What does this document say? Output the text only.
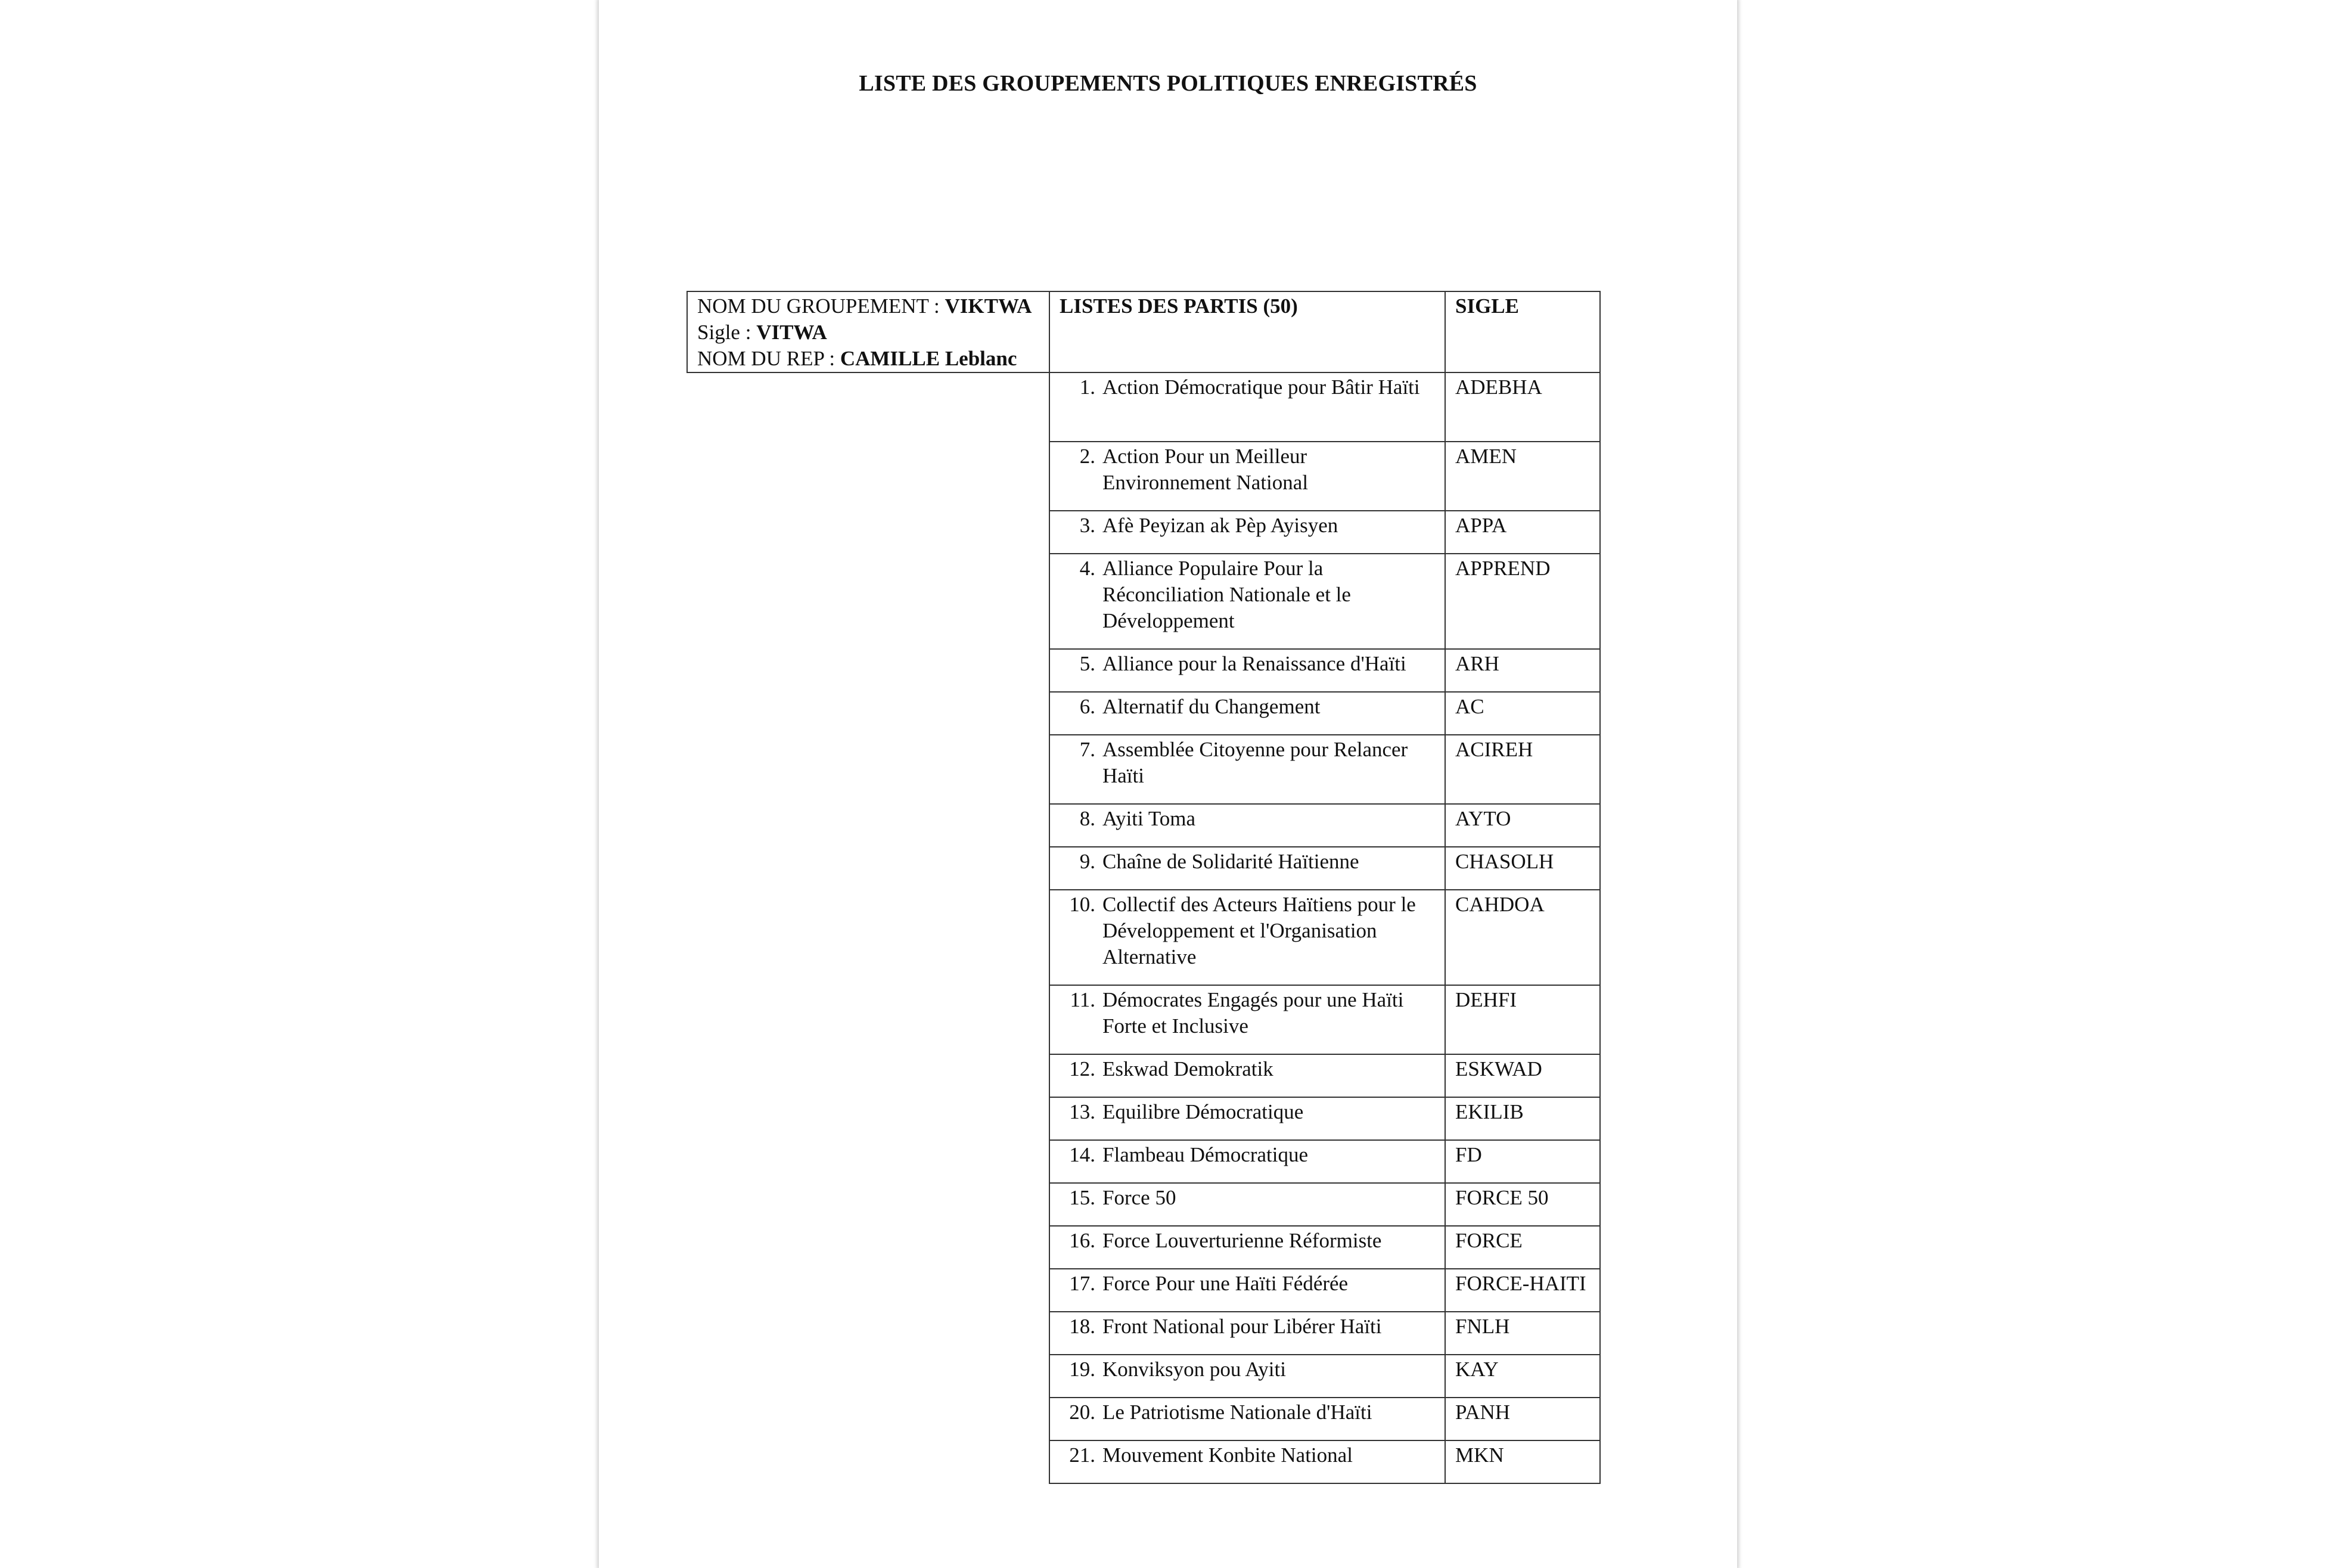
LISTE DES GROUPEMENTS POLITIQUES ENREGISTRÉS
NOM DU GROUPEMENT : VIKTWA
Sigle : VITWA
NOM DU REP : CAMILLE Leblanc	LISTES DES PARTIS (50)	SIGLE

	1. Action Démocratique pour Bâtir Haïti	ADEBHA

	2. Action Pour un Meilleur Environnement National	AMEN

	3. Afè Peyizan ak Pèp Ayisyen	APPA

	4. Alliance Populaire Pour la Réconciliation Nationale et le Développement	APPREND

	5. Alliance pour la Renaissance d'Haïti	ARH

	6. Alternatif du Changement	AC

	7. Assemblée Citoyenne pour Relancer Haïti	ACIREH

	8. Ayiti Toma	AYTO

	9. Chaîne de Solidarité Haïtienne	CHASOLH

	10. Collectif des Acteurs Haïtiens pour le Développement et l'Organisation Alternative	CAHDOA

	11. Démocrates Engagés pour une Haïti Forte et Inclusive	DEHFI

	12. Eskwad Demokratik	ESKWAD

	13. Equilibre Démocratique	EKILIB

	14. Flambeau Démocratique	FD

	15. Force 50	FORCE 50

	16. Force Louverturienne Réformiste	FORCE

	17. Force Pour une Haïti Fédérée	FORCE-HAITI

	18. Front National pour Libérer Haïti	FNLH

	19. Konviksyon pou Ayiti	KAY

	20. Le Patriotisme Nationale d'Haïti	PANH

	21. Mouvement Konbite National	MKN
